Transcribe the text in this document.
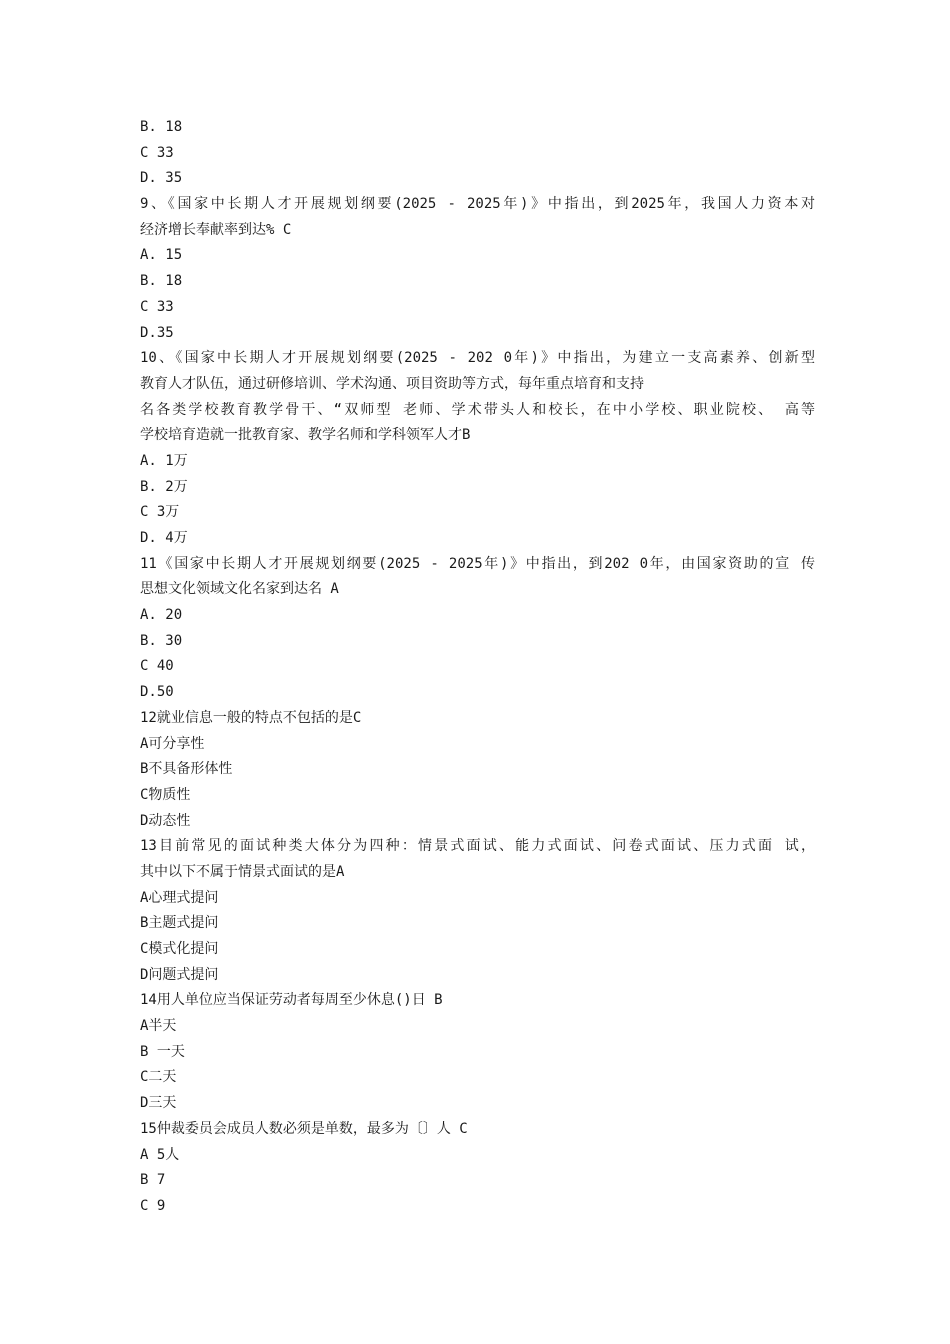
B. 18
C 33
D. 35
9、《国家中长期人才开展规划纲要(2025 - 2025年)》中指出，到2025年，我国人力资本对
经济增长奉献率到达% C
A. 15
B. 18
C 33
D.35
10、《国家中长期人才开展规划纲要(2025 - 202 0年)》中指出，为建立一支高素养、创新型
教育人才队伍，通过研修培训、学术沟通、项目资助等方式，每年重点培育和支持
名各类学校教育教学骨干、“双师型 老师、学术带头人和校长，在中小学校、职业院校、 高等
学校培育造就一批教育家、教学名师和学科领军人才B
A. 1万
B. 2万
C 3万
D. 4万
11《国家中长期人才开展规划纲要(2025 - 2025年)》中指出，到202 0年，由国家资助的宣 传
思想文化领域文化名家到达名 A
A. 20
B. 30
C 40
D.50
12就业信息一般的特点不包括的是C
A可分享性
B不具备形体性
C物质性
D动态性
13目前常见的面试种类大体分为四种：情景式面试、能力式面试、问卷式面试、压力式面 试，
其中以下不属于情景式面试的是A
A心理式提问
B主题式提问
C模式化提问
D问题式提问
14用人单位应当保证劳动者每周至少休息()日 B
A半天
B 一天
C二天
D三天
15仲裁委员会成员人数必须是单数，最多为〔〕人 C
A 5人
B 7
C 9
